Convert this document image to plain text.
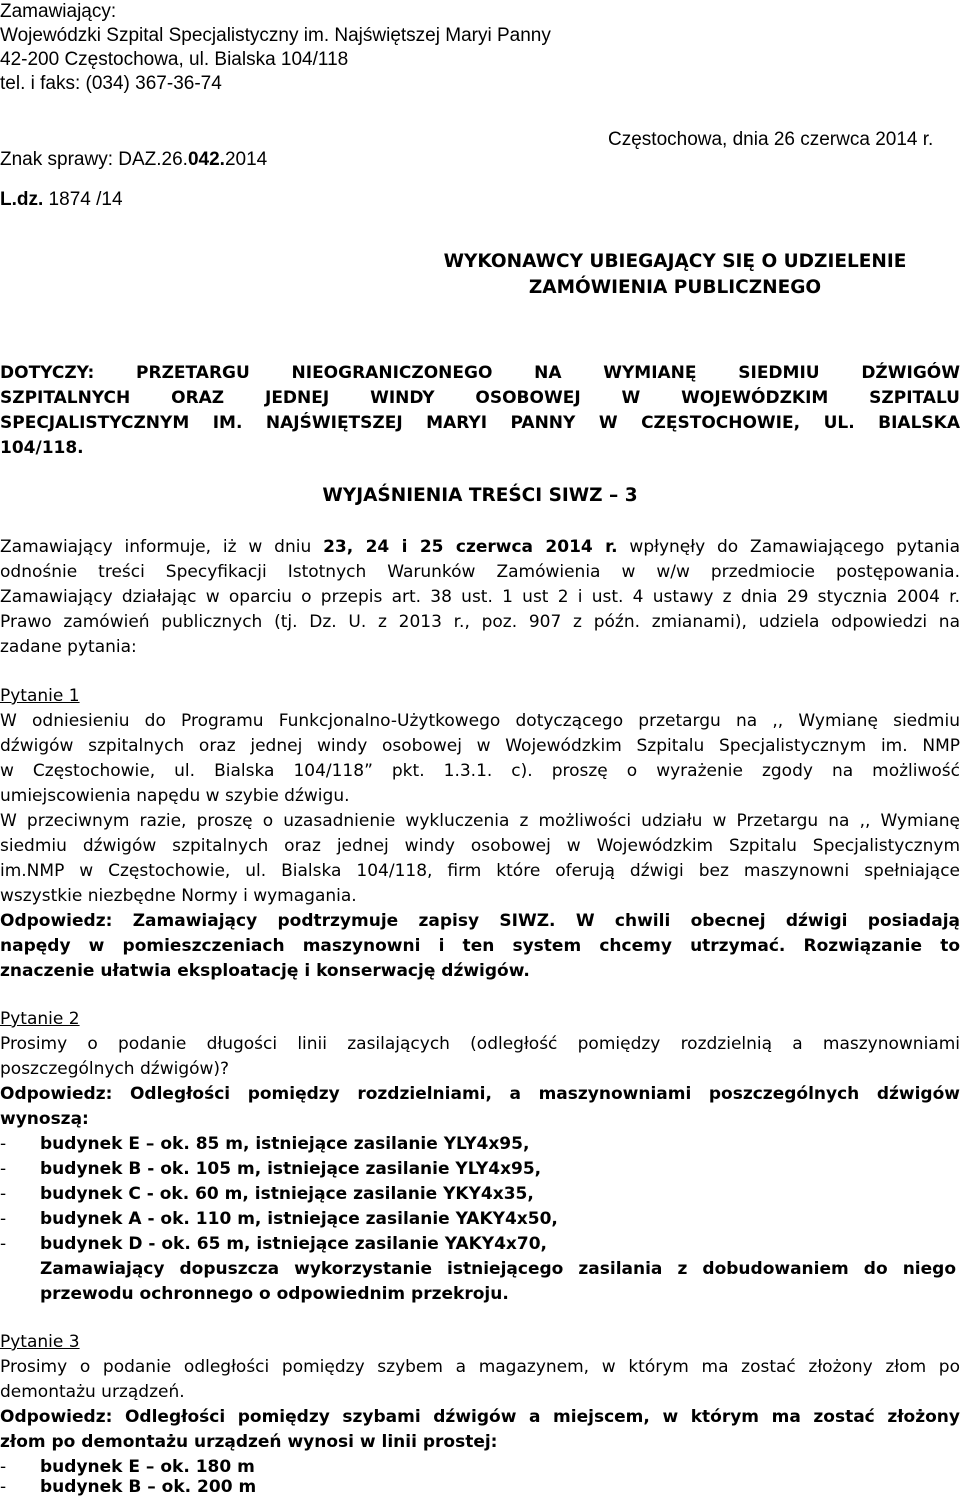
Zamawiający:
Wojewódzki Szpital Specjalistyczny im. Najświętszej Maryi Panny
42-200 Częstochowa, ul. Bialska 104/118
tel. i faks: (034) 367-36-74
Znak sprawy: DAZ.26.042.2014
L.dz. 1874 /14
Częstochowa, dnia 26 czerwca 2014 r.
WYKONAWCY UBIEGAJĄCY SIĘ O UDZIELENIE
ZAMÓWIENIA PUBLICZNEGO
DOTYCZY: PRZETARGU NIEOGRANICZONEGO NA WYMIANĘ SIEDMIU DŹWIGÓW
SZPITALNYCH ORAZ JEDNEJ WINDY OSOBOWEJ W WOJEWÓDZKIM SZPITALU
SPECJALISTYCZNYM IM. NAJŚWIĘTSZEJ MARYI PANNY W CZĘSTOCHOWIE, UL. BIALSKA
104/118.
WYJAŚNIENIA TREŚCI SIWZ – 3
Zamawiający informuje, iż w dniu 23, 24 i 25 czerwca 2014 r. wpłynęły do Zamawiającego pytania
odnośnie treści Specyfikacji Istotnych Warunków Zamówienia w w/w przedmiocie postępowania.
Zamawiający działając w oparciu o przepis art. 38 ust. 1 ust 2 i ust. 4 ustawy z dnia 29 stycznia 2004 r.
Prawo zamówień publicznych (tj. Dz. U. z 2013 r., poz. 907 z późn. zmianami), udziela odpowiedzi na
zadane pytania:
Pytanie 1
W odniesieniu do Programu Funkcjonalno-Użytkowego dotyczącego przetargu na ,, Wymianę siedmiu
dźwigów szpitalnych oraz jednej windy osobowej w Wojewódzkim Szpitalu Specjalistycznym im. NMP
w Częstochowie, ul. Bialska 104/118” pkt. 1.3.1. c). proszę o wyrażenie zgody na możliwość
umiejscowienia napędu w szybie dźwigu.
W przeciwnym razie, proszę o uzasadnienie wykluczenia z możliwości udziału w Przetargu na ,, Wymianę
siedmiu dźwigów szpitalnych oraz jednej windy osobowej w Wojewódzkim Szpitalu Specjalistycznym
im.NMP w Częstochowie, ul. Bialska 104/118, firm które oferują dźwigi bez maszynowni spełniające
wszystkie niezbędne Normy i wymagania.
Odpowiedz: Zamawiający podtrzymuje zapisy SIWZ. W chwili obecnej dźwigi posiadają
napędy w pomieszczeniach maszynowni i ten system chcemy utrzymać. Rozwiązanie to
znaczenie ułatwia eksploatację i konserwację dźwigów.
Pytanie 2
Prosimy o podanie długości linii zasilających (odległość pomiędzy rozdzielnią a maszynowniami
poszczególnych dźwigów)?
Odpowiedz: Odległości pomiędzy rozdzielniami, a maszynowniami poszczególnych dźwigów
wynoszą:
- budynek E – ok. 85 m, istniejące zasilanie YLY4x95,
- budynek B - ok. 105 m, istniejące zasilanie YLY4x95,
- budynek C - ok. 60 m, istniejące zasilanie YKY4x35,
- budynek A - ok. 110 m, istniejące zasilanie YAKY4x50,
- budynek D - ok. 65 m, istniejące zasilanie YAKY4x70,
Zamawiający dopuszcza wykorzystanie istniejącego zasilania z dobudowaniem do niego
przewodu ochronnego o odpowiednim przekroju.
Pytanie 3
Prosimy o podanie odległości pomiędzy szybem a magazynem, w którym ma zostać złożony złom po
demontażu urządzeń.
Odpowiedz: Odległości pomiędzy szybami dźwigów a miejscem, w którym ma zostać złożony
złom po demontażu urządzeń wynosi w linii prostej:
- budynek E – ok. 180 m
- budynek B – ok. 200 m
